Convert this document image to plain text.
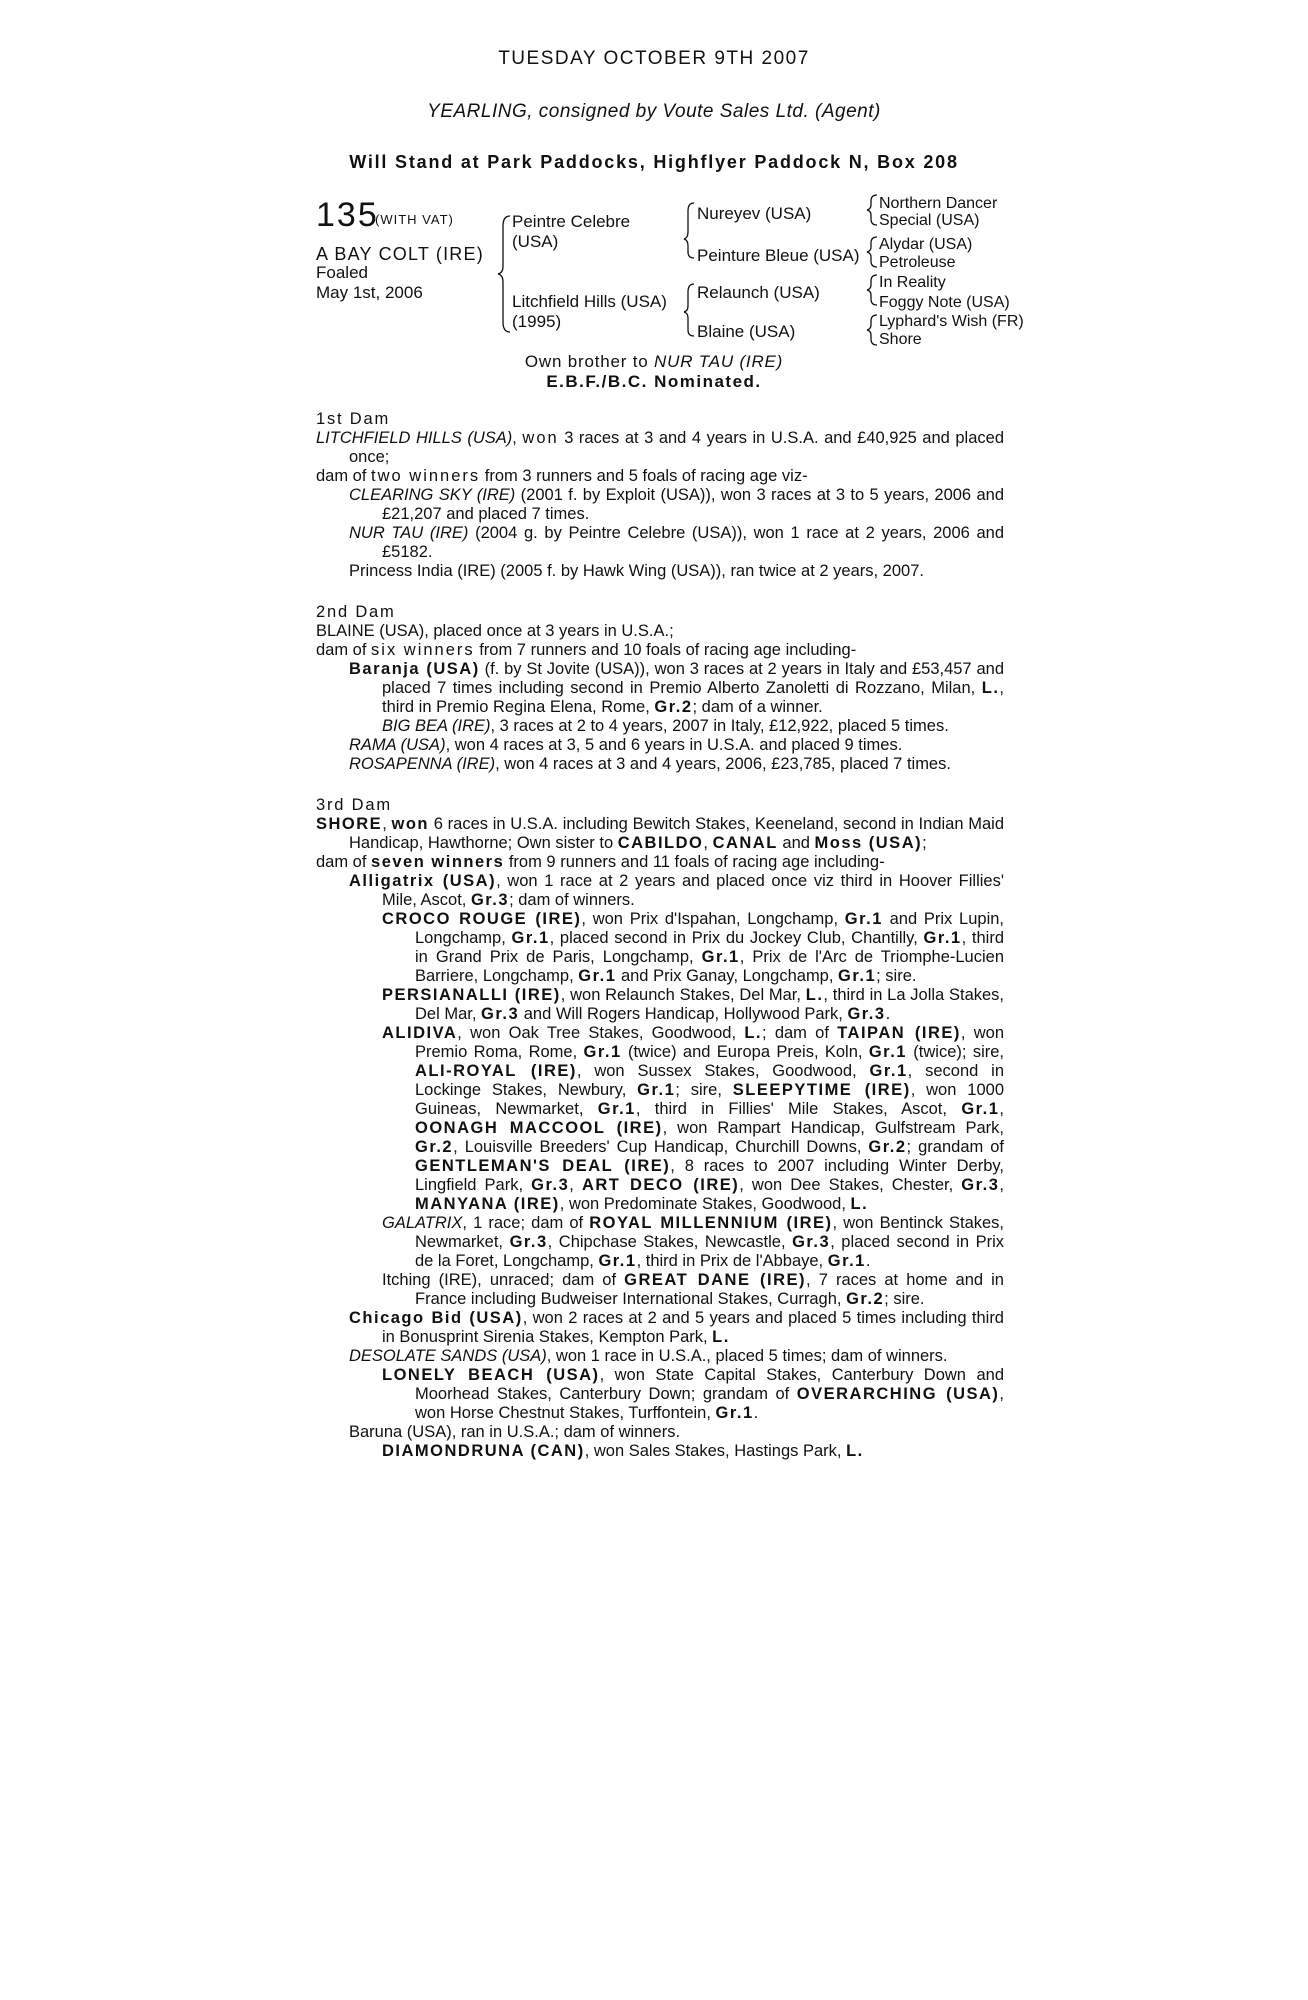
TUESDAY OCTOBER 9TH 2007
YEARLING, consigned by Voute Sales Ltd. (Agent)
Will Stand at Park Paddocks, Highflyer Paddock N, Box 208
135
(WITH VAT)
A BAY COLT (IRE)
Foaled
May 1st, 2006
Peintre Celebre
(USA)
Litchfield Hills (USA)
(1995)
Nureyev (USA)
Peinture Bleue (USA)
Relaunch (USA)
Blaine (USA)
Northern Dancer
Special (USA)
Alydar (USA)
Petroleuse
In Reality
Foggy Note (USA)
Lyphard's Wish (FR)
Shore
Own brother to NUR TAU (IRE)
E.B.F./B.C. Nominated.
1st Dam
LITCHFIELD HILLS (USA), won 3 races at 3 and 4 years in U.S.A. and £40,925 and placed once;
dam of two winners from 3 runners and 5 foals of racing age viz-
CLEARING SKY (IRE) (2001 f. by Exploit (USA)), won 3 races at 3 to 5 years, 2006 and £21,207 and placed 7 times.
NUR TAU (IRE) (2004 g. by Peintre Celebre (USA)), won 1 race at 2 years, 2006 and £5182.
Princess India (IRE) (2005 f. by Hawk Wing (USA)), ran twice at 2 years, 2007.
2nd Dam
BLAINE (USA), placed once at 3 years in U.S.A.;
dam of six winners from 7 runners and 10 foals of racing age including-
Baranja (USA) (f. by St Jovite (USA)), won 3 races at 2 years in Italy and £53,457 and placed 7 times including second in Premio Alberto Zanoletti di Rozzano, Milan, L., third in Premio Regina Elena, Rome, Gr.2; dam of a winner.
BIG BEA (IRE), 3 races at 2 to 4 years, 2007 in Italy, £12,922, placed 5 times.
RAMA (USA), won 4 races at 3, 5 and 6 years in U.S.A. and placed 9 times.
ROSAPENNA (IRE), won 4 races at 3 and 4 years, 2006, £23,785, placed 7 times.
3rd Dam
SHORE, won 6 races in U.S.A. including Bewitch Stakes, Keeneland, second in Indian Maid Handicap, Hawthorne; Own sister to CABILDO, CANAL and Moss (USA);
dam of seven winners from 9 runners and 11 foals of racing age including-
Alligatrix (USA), won 1 race at 2 years and placed once viz third in Hoover Fillies' Mile, Ascot, Gr.3; dam of winners.
CROCO ROUGE (IRE), won Prix d'Ispahan, Longchamp, Gr.1 and Prix Lupin, Longchamp, Gr.1, placed second in Prix du Jockey Club, Chantilly, Gr.1, third in Grand Prix de Paris, Longchamp, Gr.1, Prix de l'Arc de Triomphe-Lucien Barriere, Longchamp, Gr.1 and Prix Ganay, Longchamp, Gr.1; sire.
PERSIANALLI (IRE), won Relaunch Stakes, Del Mar, L., third in La Jolla Stakes, Del Mar, Gr.3 and Will Rogers Handicap, Hollywood Park, Gr.3.
ALIDIVA, won Oak Tree Stakes, Goodwood, L.; dam of TAIPAN (IRE), won Premio Roma, Rome, Gr.1 (twice) and Europa Preis, Koln, Gr.1 (twice); sire, ALI-ROYAL (IRE), won Sussex Stakes, Goodwood, Gr.1, second in Lockinge Stakes, Newbury, Gr.1; sire, SLEEPYTIME (IRE), won 1000 Guineas, Newmarket, Gr.1, third in Fillies' Mile Stakes, Ascot, Gr.1, OONAGH MACCOOL (IRE), won Rampart Handicap, Gulfstream Park, Gr.2, Louisville Breeders' Cup Handicap, Churchill Downs, Gr.2; grandam of GENTLEMAN'S DEAL (IRE), 8 races to 2007 including Winter Derby, Lingfield Park, Gr.3, ART DECO (IRE), won Dee Stakes, Chester, Gr.3, MANYANA (IRE), won Predominate Stakes, Goodwood, L.
GALATRIX, 1 race; dam of ROYAL MILLENNIUM (IRE), won Bentinck Stakes, Newmarket, Gr.3, Chipchase Stakes, Newcastle, Gr.3, placed second in Prix de la Foret, Longchamp, Gr.1, third in Prix de l'Abbaye, Gr.1.
Itching (IRE), unraced; dam of GREAT DANE (IRE), 7 races at home and in France including Budweiser International Stakes, Curragh, Gr.2; sire.
Chicago Bid (USA), won 2 races at 2 and 5 years and placed 5 times including third in Bonusprint Sirenia Stakes, Kempton Park, L.
DESOLATE SANDS (USA), won 1 race in U.S.A., placed 5 times; dam of winners.
LONELY BEACH (USA), won State Capital Stakes, Canterbury Down and Moorhead Stakes, Canterbury Down; grandam of OVERARCHING (USA), won Horse Chestnut Stakes, Turffontein, Gr.1.
Baruna (USA), ran in U.S.A.; dam of winners.
DIAMONDRUNA (CAN), won Sales Stakes, Hastings Park, L.
